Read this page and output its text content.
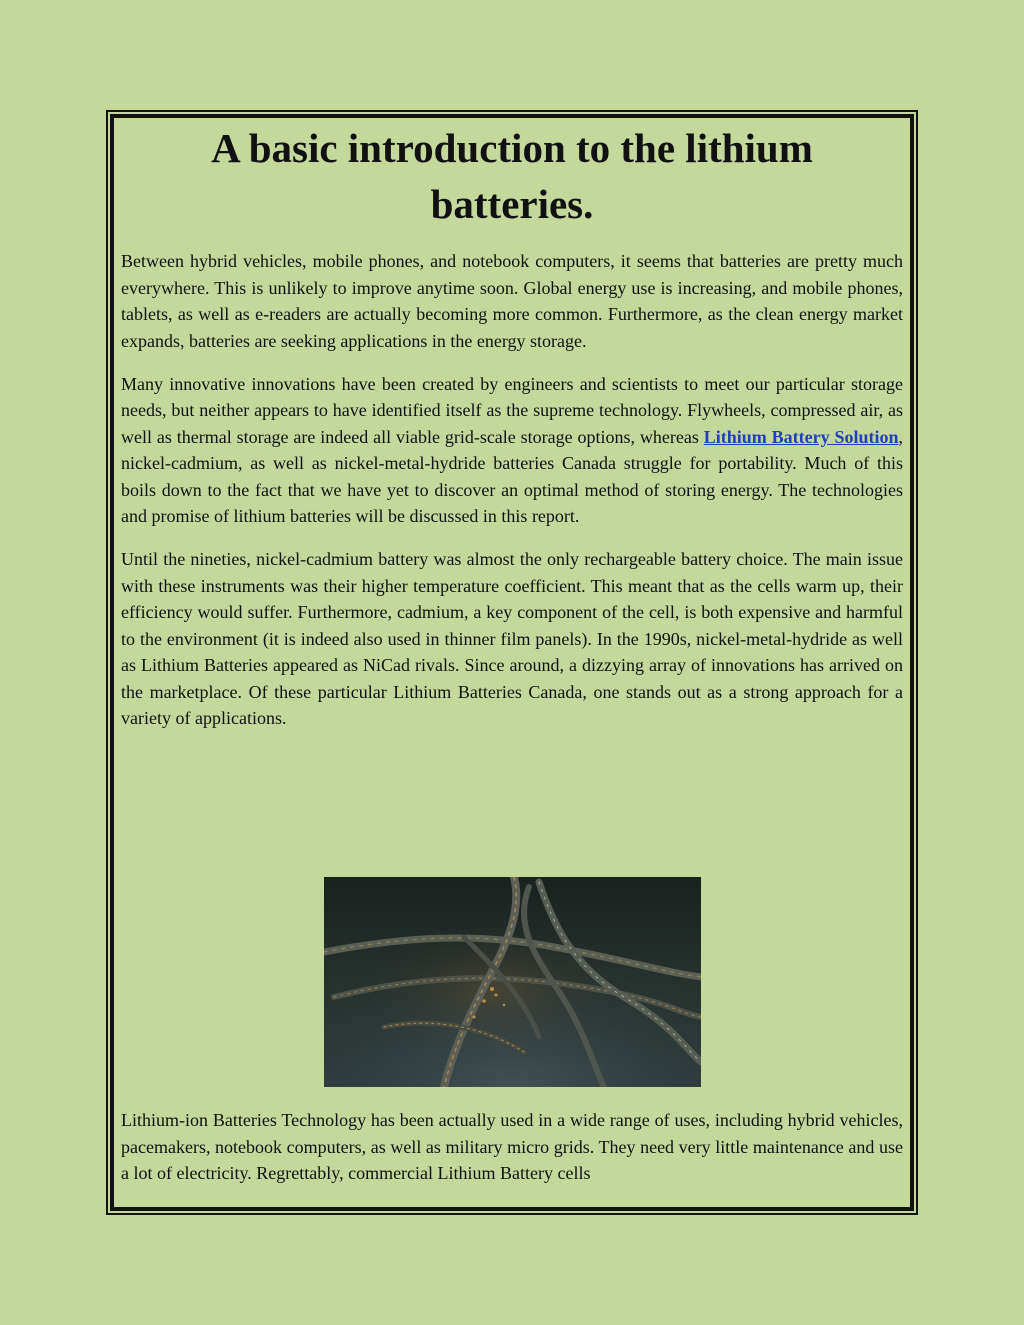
A basic introduction to the lithium batteries.

Between hybrid vehicles, mobile phones, and notebook computers, it seems that batteries are pretty much everywhere. This is unlikely to improve anytime soon. Global energy use is increasing, and mobile phones, tablets, as well as e-readers are actually becoming more common. Furthermore, as the clean energy market expands, batteries are seeking applications in the energy storage.

Many innovative innovations have been created by engineers and scientists to meet our particular storage needs, but neither appears to have identified itself as the supreme technology. Flywheels, compressed air, as well as thermal storage are indeed all viable grid-scale storage options, whereas Lithium Battery Solution, nickel-cadmium, as well as nickel-metal-hydride batteries Canada struggle for portability. Much of this boils down to the fact that we have yet to discover an optimal method of storing energy. The technologies and promise of lithium batteries will be discussed in this report.

Until the nineties, nickel-cadmium battery was almost the only rechargeable battery choice. The main issue with these instruments was their higher temperature coefficient. This meant that as the cells warm up, their efficiency would suffer. Furthermore, cadmium, a key component of the cell, is both expensive and harmful to the environment (it is indeed also used in thinner film panels). In the 1990s, nickel-metal-hydride as well as Lithium Batteries appeared as NiCad rivals. Since around, a dizzying array of innovations has arrived on the marketplace. Of these particular Lithium Batteries Canada, one stands out as a strong approach for a variety of applications.

Lithium-ion Batteries Technology has been actually used in a wide range of uses, including hybrid vehicles, pacemakers, notebook computers, as well as military micro grids. They need very little maintenance and use a lot of electricity. Regrettably, commercial Lithium Battery cells
